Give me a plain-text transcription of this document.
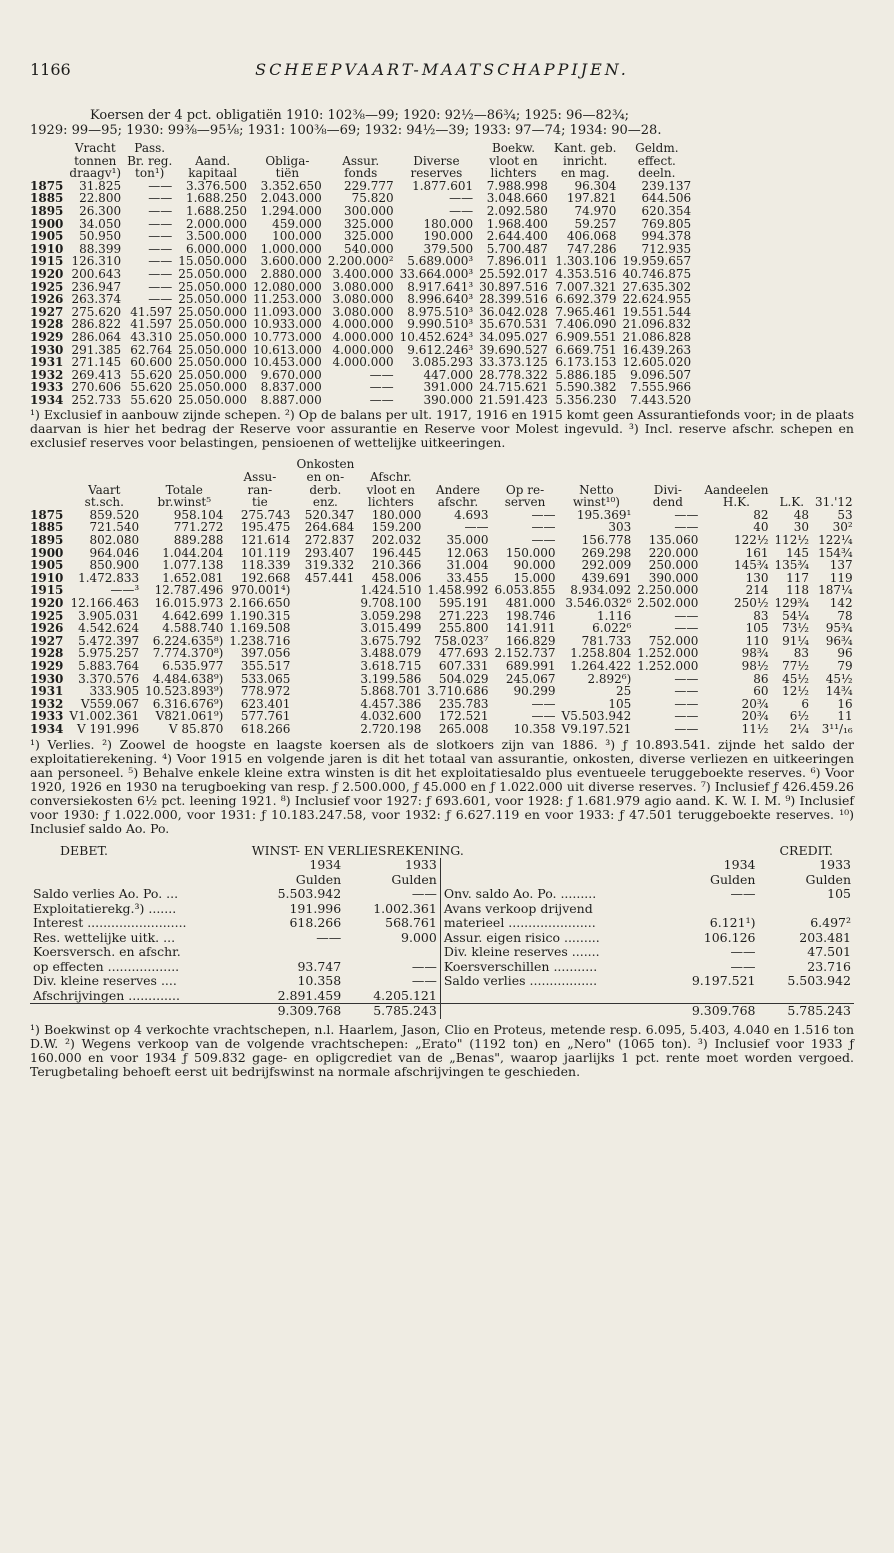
1166	SCHEEPVAART-MAATSCHAPPIJEN.
Koersen der 4 pct. obligatiën 1910: 102⅜—99; 1920: 92½—86¾; 1925: 96—82¾;
1929: 99—95; 1930: 99⅜—95⅛; 1931: 100⅜—69; 1932: 94½—39; 1933: 97—74; 1934: 90—28.
	Vracht	Pass.					Boekw.	Kant. geb.	Geldm.
	tonnen	Br. reg.	Aand.	Obliga-	Assur.	Diverse	vloot en	inricht.	effect.
	draagv¹)	ton¹)	kapitaal	tiën	fonds	reserves	lichters	en mag.	deeln.
1875	31.825	——	3.376.500	3.352.650	229.777	1.877.601	7.988.998	96.304	239.137
1885	22.800	——	1.688.250	2.043.000	75.820	——	3.048.660	197.821	644.506
1895	26.300	——	1.688.250	1.294.000	300.000	——	2.092.580	74.970	620.354
1900	34.050	——	2.000.000	459.000	325.000	180.000	1.968.400	59.257	769.805
1905	50.950	——	3.500.000	100.000	325.000	190.000	2.644.400	406.068	994.378
1910	88.399	——	6.000.000	1.000.000	540.000	379.500	5.700.487	747.286	712.935
1915	126.310	——	15.050.000	3.600.000	2.200.000²	5.689.000³	7.896.011	1.303.106	19.959.657
1920	200.643	——	25.050.000	2.880.000	3.400.000	33.664.000³	25.592.017	4.353.516	40.746.875
1925	236.947	——	25.050.000	12.080.000	3.080.000	8.917.641³	30.897.516	7.007.321	27.635.302
1926	263.374	——	25.050.000	11.253.000	3.080.000	8.996.640³	28.399.516	6.692.379	22.624.955
1927	275.620	41.597	25.050.000	11.093.000	3.080.000	8.975.510³	36.042.028	7.965.461	19.551.544
1928	286.822	41.597	25.050.000	10.933.000	4.000.000	9.990.510³	35.670.531	7.406.090	21.096.832
1929	286.064	43.310	25.050.000	10.773.000	4.000.000	10.452.624³	34.095.027	6.909.551	21.086.828
1930	291.385	62.764	25.050.000	10.613.000	4.000.000	9.612.246³	39.690.527	6.669.751	16.439.263
1931	271.145	60.600	25.050.000	10.453.000	4.000.000	3.085.293	33.373.125	6.173.153	12.605.020
1932	269.413	55.620	25.050.000	9.670.000	——	447.000	28.778.322	5.886.185	9.096.507
1933	270.606	55.620	25.050.000	8.837.000	——	391.000	24.715.621	5.590.382	7.555.966
1934	252.733	55.620	25.050.000	8.887.000	——	390.000	21.591.423	5.356.230	7.443.520

¹) Exclusief in aanbouw zijnde schepen. ²) Op de balans per ult. 1917, 1916 en 1915 komt geen Assurantiefonds voor; in de plaats daarvan is hier het bedrag der Reserve voor assurantie en Reserve voor Molest ingevuld. ³) Incl. reserve afschr. schepen en exclusief reserves voor belastingen, pensioenen of wettelijke uitkeeringen.

				Onkosten								
			Assu-	en on-	Afschr.							
	Vaart	Totale	ran-	derb.	vloot en	Andere	Op re-	Netto	Divi-	Aandeelen		
	st.sch.	br.winst⁵	tie	enz.	lichters	afschr.	serven	winst¹⁰)	dend	H.K.	L.K.	31.'12
1875	859.520	958.104	275.743	520.347	180.000	4.693	——	195.369¹	——	82	48	53
1885	721.540	771.272	195.475	264.684	159.200	——	——	303	——	40	30	30²
1895	802.080	889.288	121.614	272.837	202.032	35.000	——	156.778	135.060	122½	112½	122¼
1900	964.046	1.044.204	101.119	293.407	196.445	12.063	150.000	269.298	220.000	161	145	154¾
1905	850.900	1.077.138	118.339	319.332	210.366	31.004	90.000	292.009	250.000	145¾	135¾	137
1910	1.472.833	1.652.081	192.668	457.441	458.006	33.455	15.000	439.691	390.000	130	117	119
1915	——³	12.787.496	970.001⁴)		1.424.510	1.458.992	6.053.855	8.934.092	2.250.000	214	118	187¼
1920	12.166.463	16.015.973	2.166.650		9.708.100	595.191	481.000	3.546.032⁶	2.502.000	250½	129¾	142
1925	3.905.031	4.642.699	1.190.315		3.059.298	271.223	198.746	1.116	——	83	54¼	78
1926	4.542.624	4.588.740	1.169.508		3.015.499	255.800	141.911	6.022⁶	——	105	73½	95¾
1927	5.472.397	6.224.635⁸)	1.238.716		3.675.792	758.023⁷	166.829	781.733	752.000	110	91¼	96¾
1928	5.975.257	7.774.370⁸)	397.056		3.488.079	477.693	2.152.737	1.258.804	1.252.000	98¾	83	96
1929	5.883.764	6.535.977	355.517		3.618.715	607.331	689.991	1.264.422	1.252.000	98½	77½	79
1930	3.370.576	4.484.638⁹)	533.065		3.199.586	504.029	245.067	2.892⁶)	——	86	45½	45½
1931	333.905	10.523.893⁹)	778.972		5.868.701	3.710.686	90.299	25	——	60	12½	14¾
1932	V559.067	6.316.676⁹)	623.401		4.457.386	235.783	——	105	——	20¾	6	16
1933	V1.002.361	V821.061⁹)	577.761		4.032.600	172.521	——	V5.503.942	——	20¾	6½	11
1934	V 191.996	V 85.870	618.266		2.720.198	265.008	10.358	V9.197.521	——	11½	2¼	3¹¹/₁₆

¹) Verlies. ²) Zoowel de hoogste en laagste koersen als de slotkoers zijn van 1886. ³) ƒ 10.893.541. zijnde het saldo der exploitatierekening. ⁴) Voor 1915 en volgende jaren is dit het totaal van assurantie, onkosten, diverse verliezen en uitkeeringen aan personeel. ⁵) Behalve enkele kleine extra winsten is dit het exploitatiesaldo plus eventueele teruggeboekte reserves. ⁶) Voor 1920, 1926 en 1930 na terugboeking van resp. ƒ 2.500.000, ƒ 45.000 en ƒ 1.022.000 uit diverse reserves. ⁷) Inclusief ƒ 426.459.26 conversiekosten 6½ pct. leening 1921. ⁸) Inclusief voor 1927: ƒ 693.601, voor 1928: ƒ 1.681.979 agio aand. K. W. I. M. ⁹) Inclusief voor 1930: ƒ 1.022.000, voor 1931: ƒ 10.183.247.58, voor 1932: ƒ 6.627.119 en voor 1933: ƒ 47.501 teruggeboekte reserves. ¹⁰) Inclusief saldo Ao. Po.

DEBET.	WINST- EN VERLIESREKENING.				CREDIT.
	1934	1933		1934	1933
	Gulden	Gulden		Gulden	Gulden
Saldo verlies Ao. Po. ...	5.503.942	——	Onv. saldo Ao. Po. .........	——	105
Exploitatierekg.³) .......	191.996	1.002.361	Avans verkoop drijvend		
Interest .........................	618.266	568.761	materieel ......................	6.121¹)	6.497²
Res. wettelijke uitk. ...	——	9.000	Assur. eigen risico .........	106.126	203.481
Koersversch. en afschr.			Div. kleine reserves .......	——	47.501
op effecten ..................	93.747	——	Koersverschillen ...........	——	23.716
Div. kleine reserves ....	10.358	——	Saldo verlies .................	9.197.521	5.503.942
Afschrijvingen .............	2.891.459	4.205.121			
	9.309.768	5.785.243		9.309.768	5.785.243

¹) Boekwinst op 4 verkochte vrachtschepen, n.l. Haarlem, Jason, Clio en Proteus, metende resp. 6.095, 5.403, 4.040 en 1.516 ton D.W. ²) Wegens verkoop van de volgende vrachtschepen: „Erato" (1192 ton) en „Nero" (1065 ton). ³) Inclusief voor 1933 ƒ 160.000 en voor 1934 ƒ 509.832 gage- en opligcrediet van de „Benas", waarop jaarlijks 1 pct. rente moet worden vergoed. Terugbetaling behoeft eerst uit bedrijfswinst na normale afschrijvingen te geschieden.
